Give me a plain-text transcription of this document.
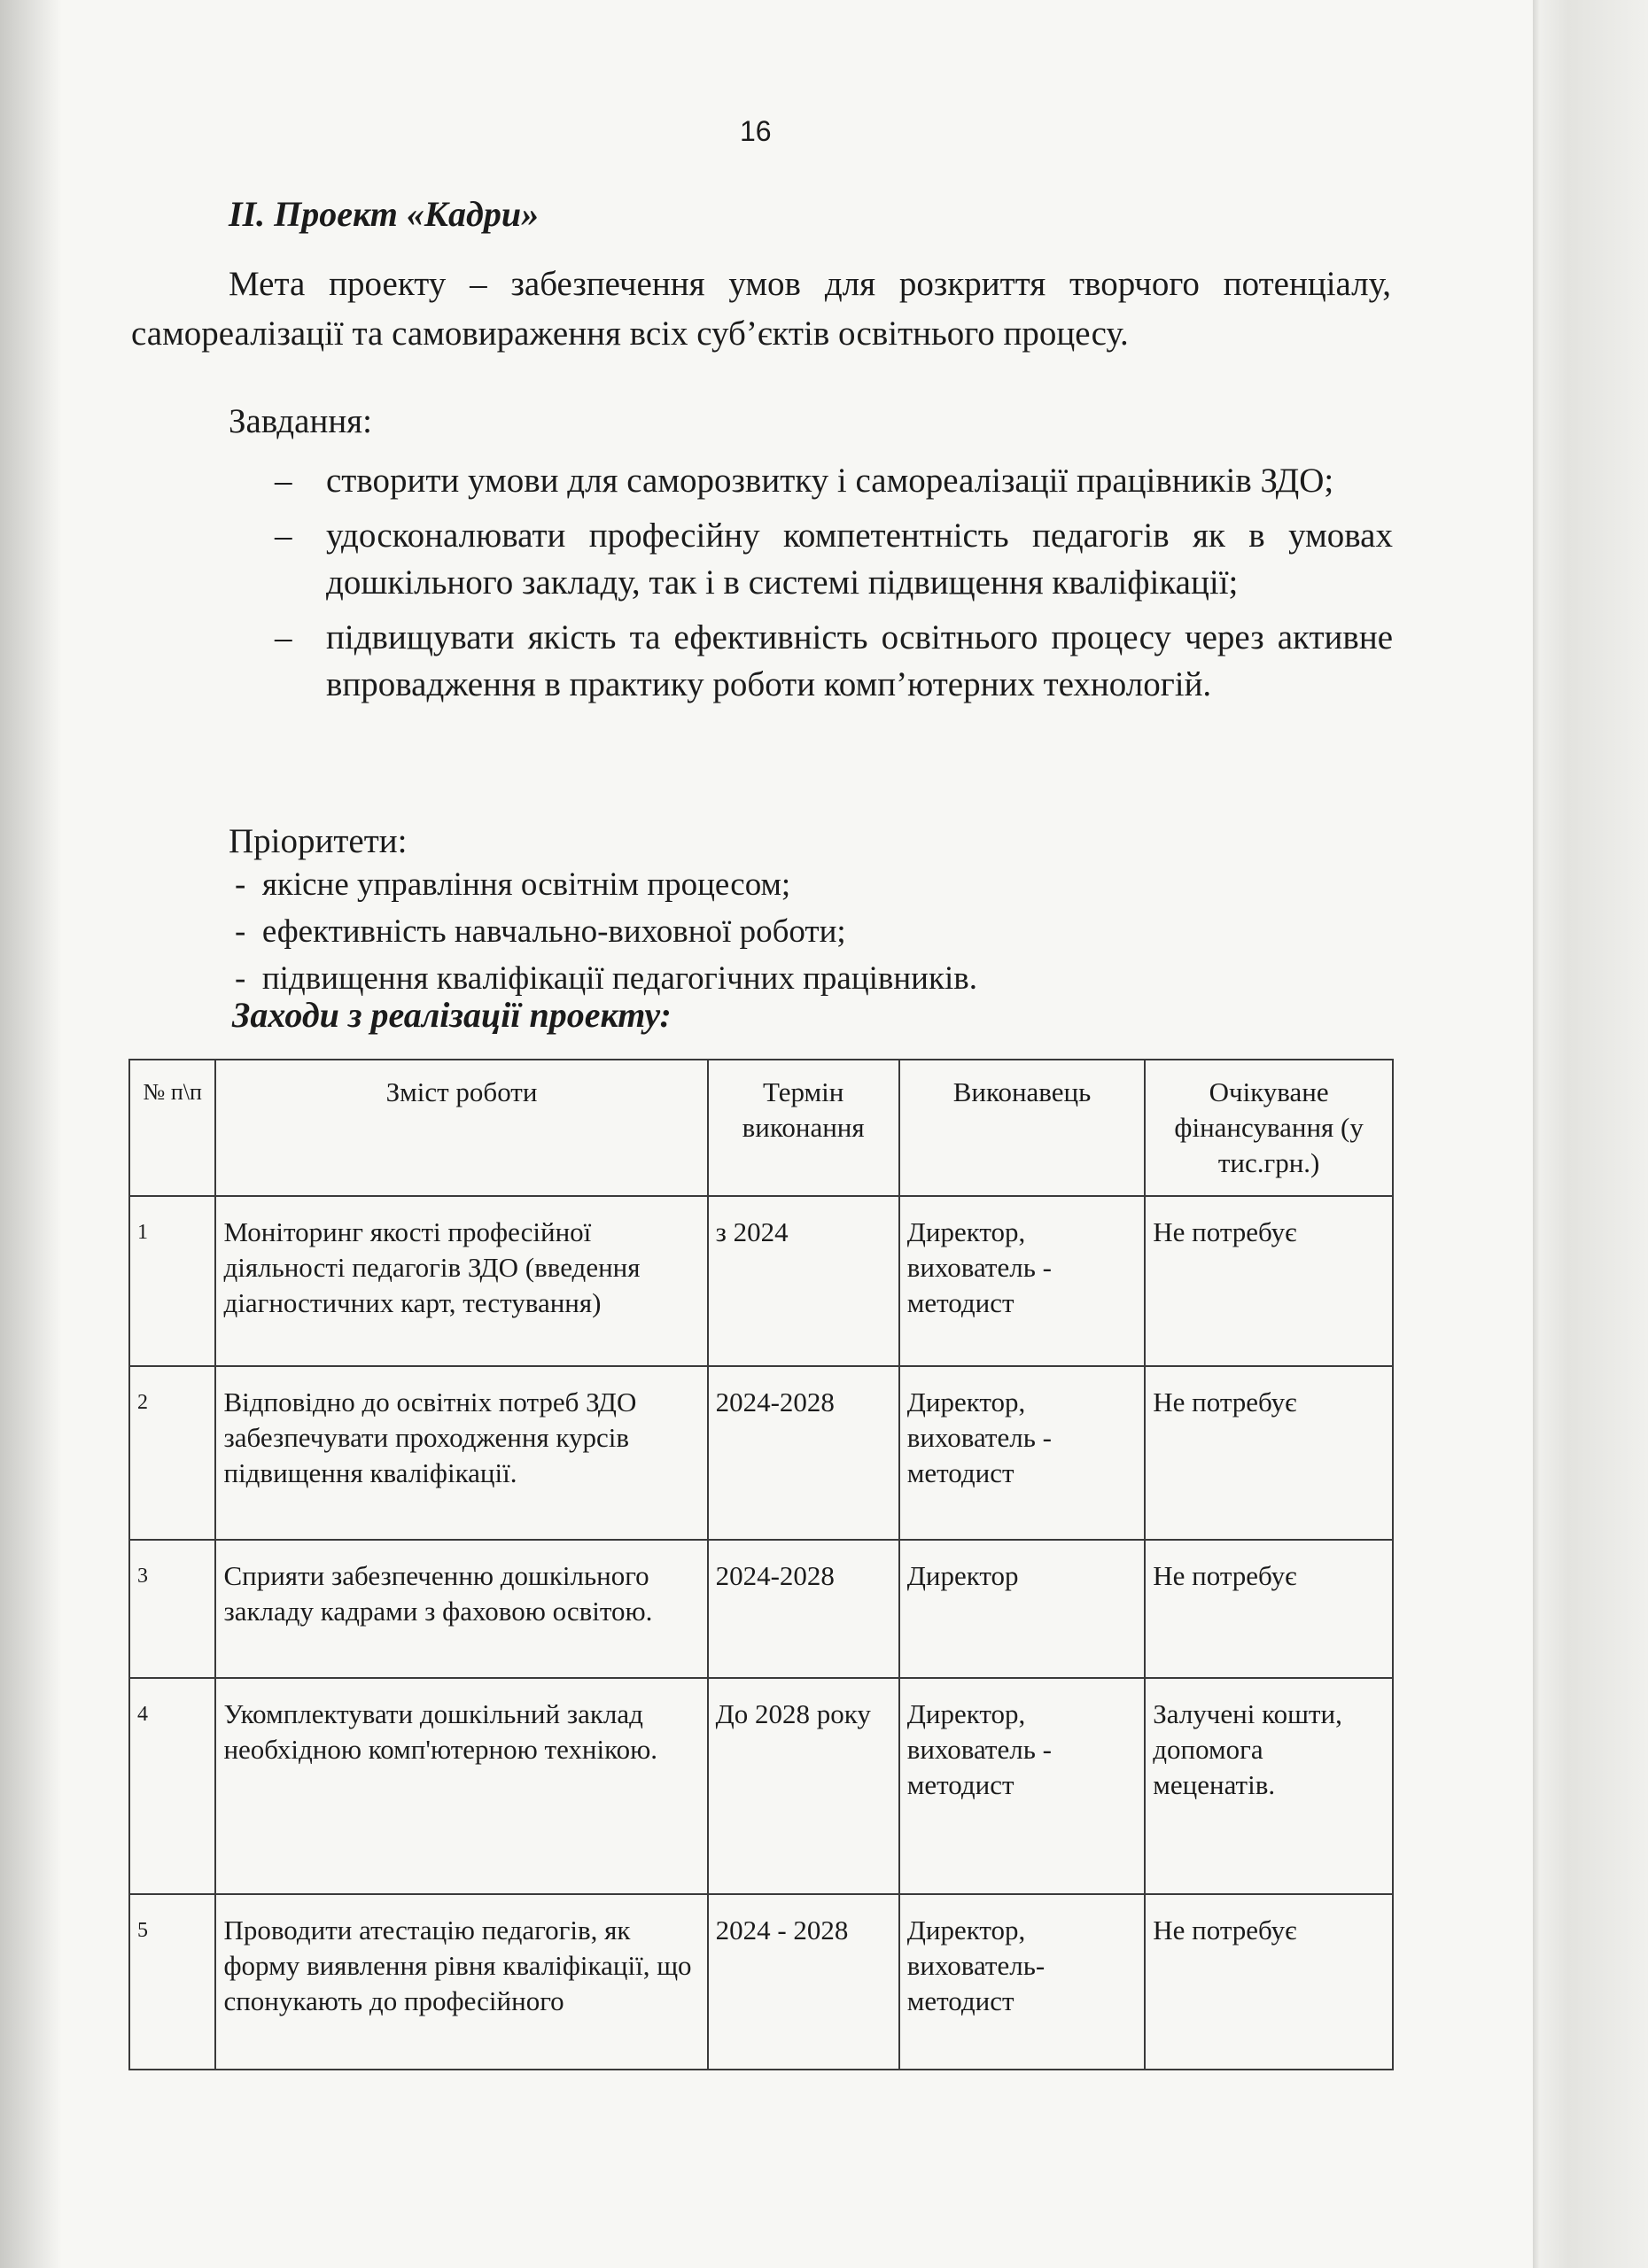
16
ІІ. Проект «Кадри»
Мета проекту – забезпечення умов для розкриття творчого потенціалу, самореалізації та самовираження всіх суб’єктів освітнього процесу.
Завдання:
– створити умови для саморозвитку і самореалізації працівників ЗДО;
– удосконалювати професійну компетентність педагогів як в умовах дошкільного закладу, так і в системі підвищення кваліфікації;
– підвищувати якість та ефективність освітнього процесу через активне впровадження в практику роботи комп’ютерних технологій.
Пріоритети:
- якісне управління освітнім процесом;
- ефективність навчально-виховної роботи;
- підвищення кваліфікації педагогічних працівників.
Заходи з реалізації проекту:
№ п\п	Зміст роботи	Термін виконання	Виконавець	Очікуване фінансування (у тис.грн.)
1	Моніторинг якості професійної діяльності педагогів ЗДО (введення діагностичних карт, тестування)	з 2024	Директор, вихователь - методист	Не потребує
2	Відповідно до освітніх потреб ЗДО забезпечувати проходження курсів підвищення кваліфікації.	2024-2028	Директор, вихователь - методист	Не потребує
3	Сприяти забезпеченню дошкільного закладу кадрами з фаховою освітою.	2024-2028	Директор	Не потребує
4	Укомплектувати дошкільний заклад необхідною комп'ютерною технікою.	До 2028 року	Директор, вихователь - методист	Залучені кошти, допомога меценатів.
5	Проводити атестацію педагогів, як форму виявлення рівня кваліфікації, що спонукають до професійного	2024 - 2028	Директор, вихователь- методист	Не потребує
